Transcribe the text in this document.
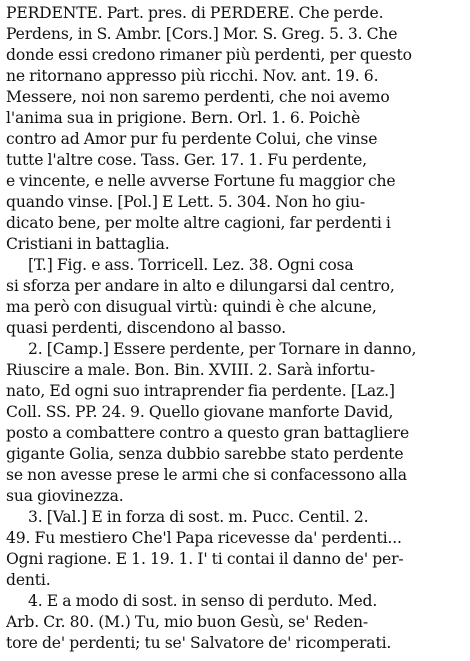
PERDENTE. Part. pres. di PERDERE. Che perde.
Perdens, in S. Ambr. [Cors.] Mor. S. Greg. 5. 3. Che
donde essi credono rimaner più perdenti, per questo
ne ritornano appresso più ricchi. Nov. ant. 19. 6.
Messere, noi non saremo perdenti, che noi avemo
l'anima sua in prigione. Bern. Orl. 1. 6. Poichè
contro ad Amor pur fu perdente Colui, che vinse
tutte l'altre cose. Tass. Ger. 17. 1. Fu perdente,
e vincente, e nelle avverse Fortune fu maggior che
quando vinse. [Pol.] E Lett. 5. 304. Non ho giu-
dicato bene, per molte altre cagioni, far perdenti i
Cristiani in battaglia.
[T.] Fig. e ass. Torricell. Lez. 38. Ogni cosa
si sforza per andare in alto e dilungarsi dal centro,
ma però con disugual virtù: quindi è che alcune,
quasi perdenti, discendono al basso.
2. [Camp.] Essere perdente, per Tornare in danno,
Riuscire a male. Bon. Bin. XVIII. 2. Sarà infortu-
nato, Ed ogni suo intraprender fia perdente. [Laz.]
Coll. SS. PP. 24. 9. Quello giovane manforte David,
posto a combattere contro a questo gran battagliere
gigante Golia, senza dubbio sarebbe stato perdente
se non avesse prese le armi che si confacessono alla
sua giovinezza.
3. [Val.] E in forza di sost. m. Pucc. Centil. 2.
49. Fu mestiero Che'l Papa ricevesse da' perdenti...
Ogni ragione. E 1. 19. 1. I' ti contai il danno de' per-
denti.
4. E a modo di sost. in senso di perduto. Med.
Arb. Cr. 80. (M.) Tu, mio buon Gesù, se' Reden-
tore de' perdenti; tu se' Salvatore de' ricomperati.
